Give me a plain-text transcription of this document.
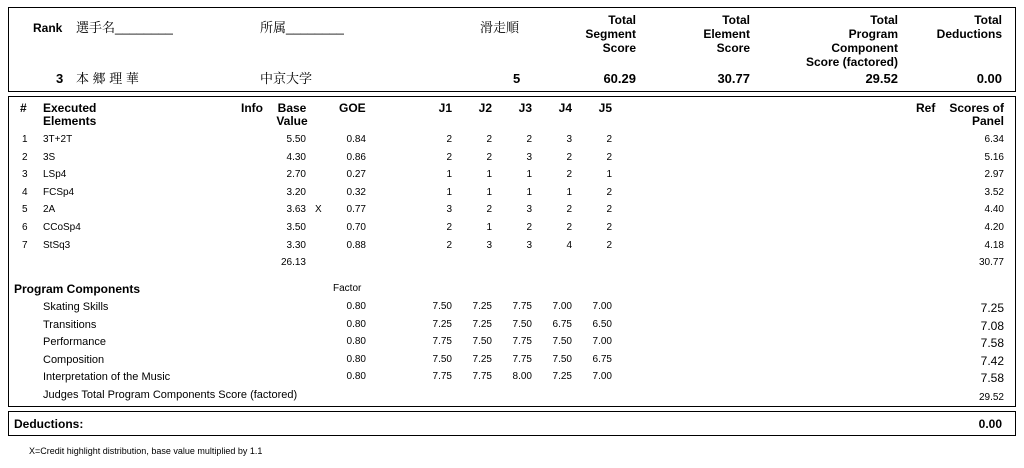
Rank 選手名________	所属________	滑走順	Total
Segment
Score
Total
Element
Score
Total
Program
Component
Score (factored)
Total
Deductions
3 本 郷 理 華	中京大学	5	60.29	30.77	29.52	0.00
# Executed
Elements
Info	Base
Value
GOE	J1	J2	J3	J4	J5	Ref	Scores of
Panel
1 3T+2T	5.50	0.84	2	2	2	3	2	6.34
2 3S	4.30	0.86	2	2	3	2	2	5.16
3 LSp4	2.70	0.27	1	1	1	2	1	2.97
4 FCSp4	3.20	0.32	1	1	1	1	2	3.52
5 2A	3.63 X	0.77	3	2	3	2	2	4.40
6 CCoSp4	3.50	0.70	2	1	2	2	2	4.20
7 StSq3	3.30	0.88	2	3	3	4	2	4.18
26.13	30.77
Program Components	Factor
Skating Skills	0.80	7.50	7.25	7.75	7.00	7.00	7.25
Transitions	0.80	7.25	7.25	7.50	6.75	6.50	7.08
Performance	0.80	7.75	7.50	7.75	7.50	7.00	7.58
Composition	0.80	7.50	7.25	7.75	7.50	6.75	7.42
Interpretation of the Music	0.80	7.75	7.75	8.00	7.25	7.00	7.58
Judges Total Program Components Score (factored)	29.52
Deductions:	0.00
X=Credit highlight distribution, base value multiplied by 1.1
